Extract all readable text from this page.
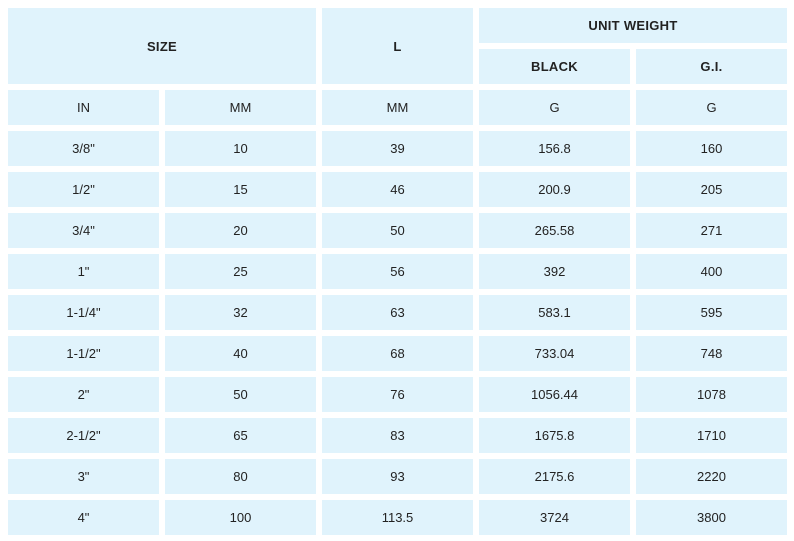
SIZE		L	UNIT WEIGHT	
			BLACK	G.I.
IN	MM	MM	G	G
3/8"	10	39	156.8	160
1/2"	15	46	200.9	205
3/4"	20	50	265.58	271
1"	25	56	392	400
1-1/4"	32	63	583.1	595
1-1/2"	40	68	733.04	748
2"	50	76	1056.44	1078
2-1/2"	65	83	1675.8	1710
3"	80	93	2175.6	2220
4"	100	113.5	3724	3800
